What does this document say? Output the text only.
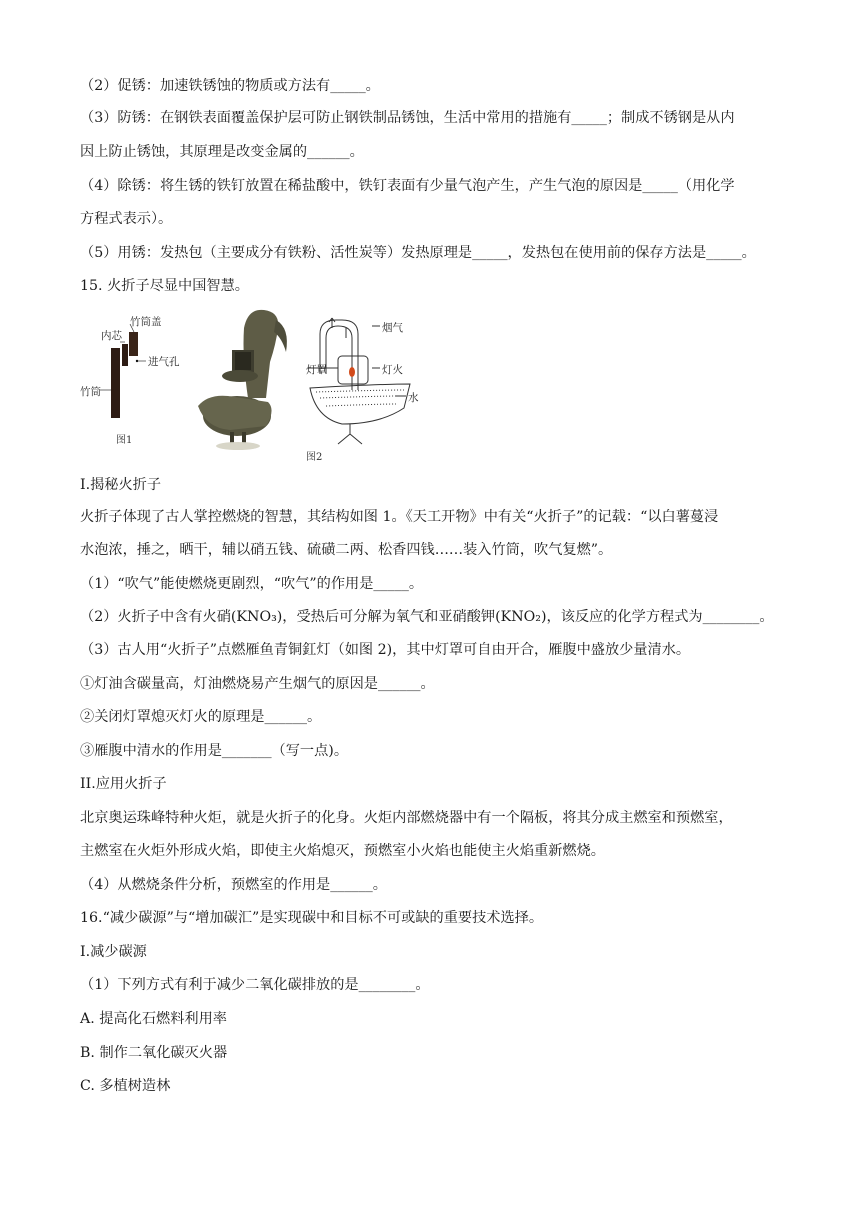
（2）促锈：加速铁锈蚀的物质或方法有_____。
（3）防锈：在钢铁表面覆盖保护层可防止钢铁制品锈蚀，生活中常用的措施有_____；制成不锈钢是从内
因上防止锈蚀，其原理是改变金属的______。
（4）除锈：将生锈的铁钉放置在稀盐酸中，铁钉表面有少量气泡产生，产生气泡的原因是_____（用化学
方程式表示）。
（5）用锈：发热包（主要成分有铁粉、活性炭等）发热原理是_____，发热包在使用前的保存方法是_____。
15. 火折子尽显中国智慧。
内芯
竹筒盖
进气孔
竹筒
图1
烟气
灯罩	灯火
水
图2
I.揭秘火折子
火折子体现了古人掌控燃烧的智慧，其结构如图 1。《天工开物》中有关“火折子”的记载：“以白薯蔓浸
水泡浓，捶之，晒干，辅以硝五钱、硫磺二两、松香四钱……装入竹筒，吹气复燃”。
（1）“吹气”能使燃烧更剧烈，“吹气”的作用是_____。
（2）火折子中含有火硝(KNO₃)，受热后可分解为氧气和亚硝酸钾(KNO₂)，该反应的化学方程式为________。
（3）古人用“火折子”点燃雁鱼青铜釭灯（如图 2)，其中灯罩可自由开合，雁腹中盛放少量清水。
①灯油含碳量高，灯油燃烧易产生烟气的原因是______。
②关闭灯罩熄灭灯火的原理是______。
③雁腹中清水的作用是_______（写一点)。
II.应用火折子
北京奥运珠峰特种火炬，就是火折子的化身。火炬内部燃烧器中有一个隔板，将其分成主燃室和预燃室，
主燃室在火炬外形成火焰，即使主火焰熄灭，预燃室小火焰也能使主火焰重新燃烧。
（4）从燃烧条件分析，预燃室的作用是______。
16.“减少碳源”与“增加碳汇”是实现碳中和目标不可或缺的重要技术选择。
I.减少碳源
（1）下列方式有利于减少二氧化碳排放的是________。
A. 提高化石燃料利用率
B. 制作二氧化碳灭火器
C. 多植树造林
